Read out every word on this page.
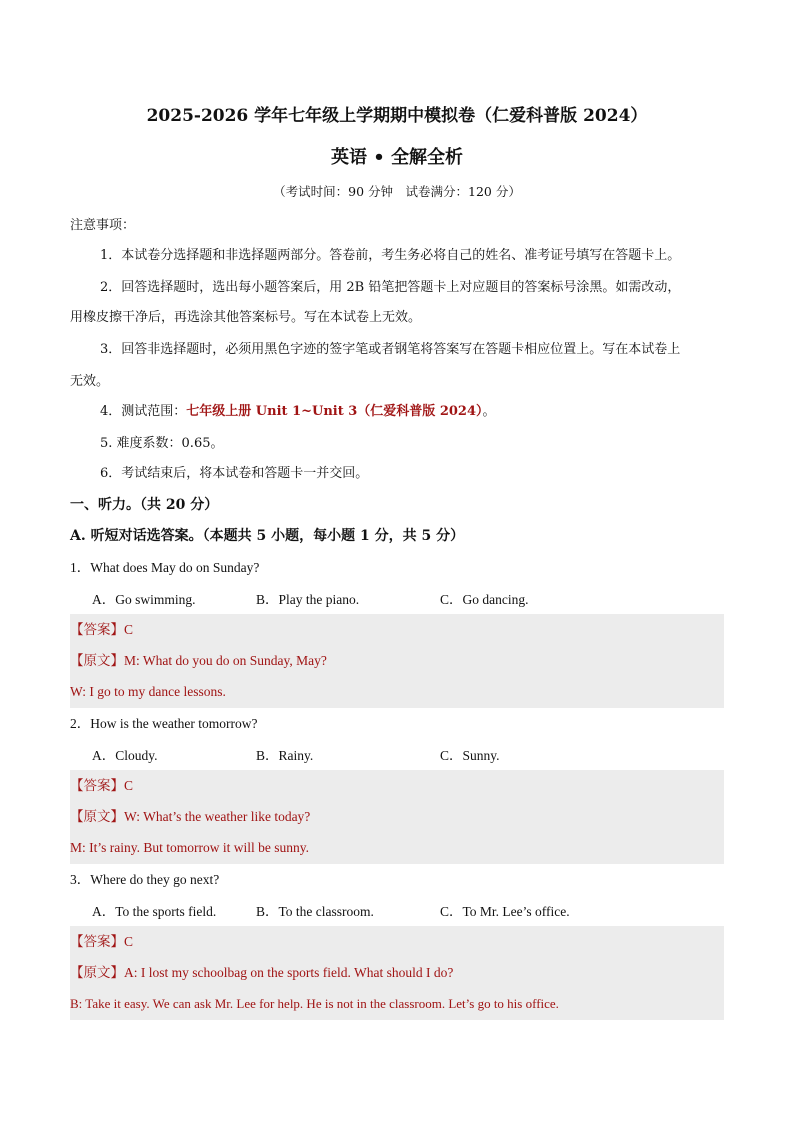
2025-2026 学年七年级上学期期中模拟卷（仁爱科普版 2024）
英语 • 全解全析
（考试时间：90 分钟　试卷满分：120 分）
注意事项：
1．本试卷分选择题和非选择题两部分。答卷前，考生务必将自己的姓名、准考证号填写在答题卡上。
2．回答选择题时，选出每小题答案后，用 2B 铅笔把答题卡上对应题目的答案标号涂黑。如需改动，
用橡皮擦干净后，再选涂其他答案标号。写在本试卷上无效。
3．回答非选择题时，必须用黑色字迹的签字笔或者钢笔将答案写在答题卡相应位置上。写在本试卷上
无效。
4．测试范围：七年级上册 Unit 1~Unit 3（仁爱科普版 2024）。
5. 难度系数：0.65。
6．考试结束后，将本试卷和答题卡一并交回。
一、听力。（共 20 分）
A. 听短对话选答案。（本题共 5 小题，每小题 1 分，共 5 分）
1．What does May do on Sunday?
A．Go swimming.	B．Play the piano.	C．Go dancing.
【答案】C
【原文】M: What do you do on Sunday, May?
W: I go to my dance lessons.
2．How is the weather tomorrow?
A．Cloudy.	B．Rainy.	C．Sunny.
【答案】C
【原文】W: What’s the weather like today?
M: It’s rainy. But tomorrow it will be sunny.
3．Where do they go next?
A．To the sports field.	B．To the classroom.	C．To Mr. Lee’s office.
【答案】C
【原文】A: I lost my schoolbag on the sports field. What should I do?
B: Take it easy. We can ask Mr. Lee for help. He is not in the classroom. Let’s go to his office.
